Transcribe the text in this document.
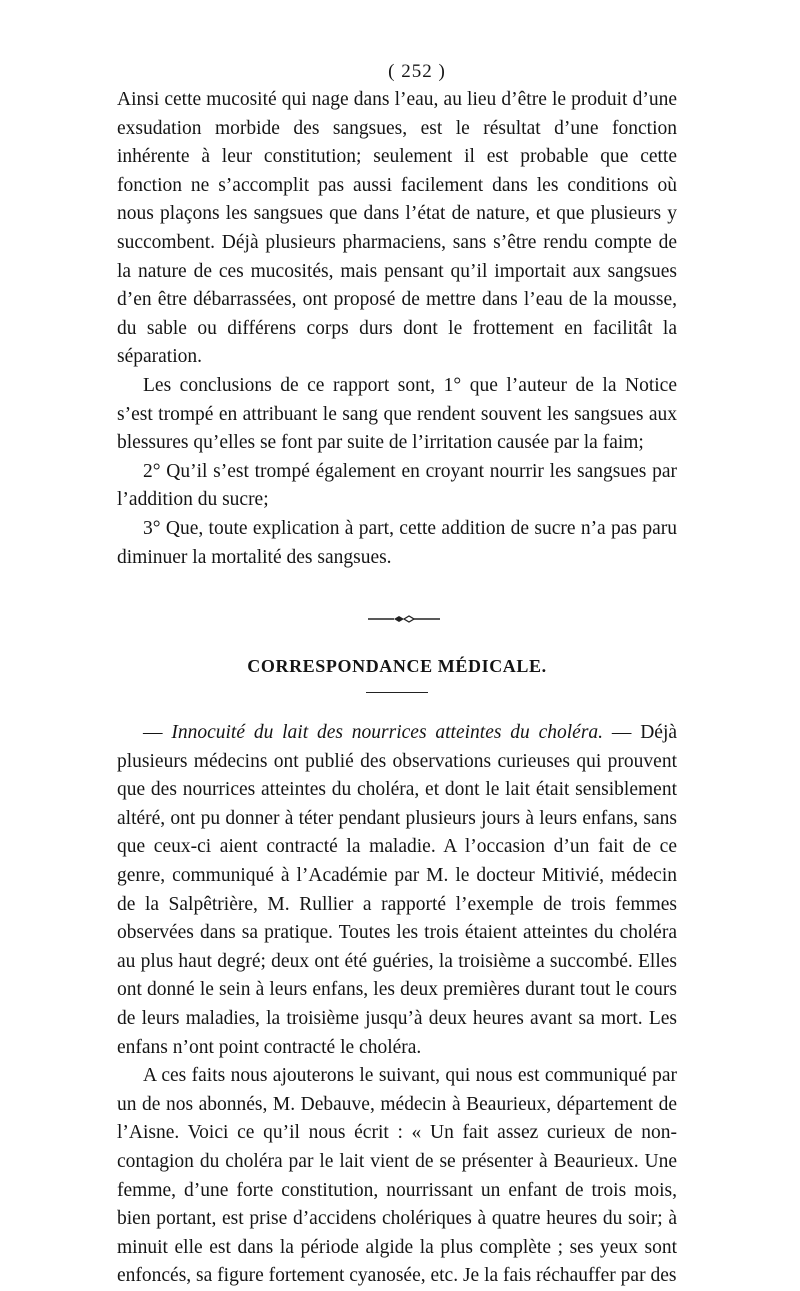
( 252 )

Ainsi cette mucosité qui nage dans l’eau, au lieu d’être le produit d’une exsudation morbide des sangsues, est le résultat d’une fonction inhérente à leur constitution; seulement il est probable que cette fonction ne s’accomplit pas aussi facilement dans les conditions où nous plaçons les sangsues que dans l’état de nature, et que plusieurs y succombent. Déjà plusieurs pharmaciens, sans s’être rendu compte de la nature de ces mucosités, mais pensant qu’il importait aux sangsues d’en être débarrassées, ont proposé de mettre dans l’eau de la mousse, du sable ou différens corps durs dont le frottement en facilitât la séparation.

Les conclusions de ce rapport sont, 1° que l’auteur de la Notice s’est trompé en attribuant le sang que rendent souvent les sangsues aux blessures qu’elles se font par suite de l’irritation causée par la faim;

2° Qu’il s’est trompé également en croyant nourrir les sangsues par l’addition du sucre;

3° Que, toute explication à part, cette addition de sucre n’a pas paru diminuer la mortalité des sangsues.

CORRESPONDANCE MÉDICALE.

— Innocuité du lait des nourrices atteintes du choléra. — Déjà plusieurs médecins ont publié des observations curieuses qui prouvent que des nourrices atteintes du choléra, et dont le lait était sensiblement altéré, ont pu donner à téter pendant plusieurs jours à leurs enfans, sans que ceux-ci aient contracté la maladie. A l’occasion d’un fait de ce genre, communiqué à l’Académie par M. le docteur Mitivié, médecin de la Salpêtrière, M. Rullier a rapporté l’exemple de trois femmes observées dans sa pratique. Toutes les trois étaient atteintes du choléra au plus haut degré; deux ont été guéries, la troisième a succombé. Elles ont donné le sein à leurs enfans, les deux premières durant tout le cours de leurs maladies, la troisième jusqu’à deux heures avant sa mort. Les enfans n’ont point contracté le choléra.

A ces faits nous ajouterons le suivant, qui nous est communiqué par un de nos abonnés, M. Debauve, médecin à Beaurieux, département de l’Aisne. Voici ce qu’il nous écrit : « Un fait assez curieux de non-contagion du choléra par le lait vient de se présenter à Beaurieux. Une femme, d’une forte constitution, nourrissant un enfant de trois mois, bien portant, est prise d’accidens cholériques à quatre heures du soir; à minuit elle est dans la période algide la plus complète ; ses yeux sont enfoncés, sa figure fortement cyanosée, etc. Je la fais réchauffer par des
